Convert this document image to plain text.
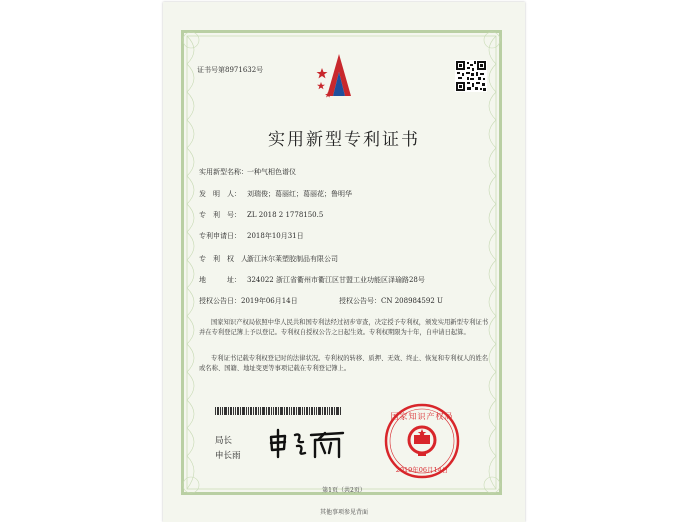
证书号第8971632号
实用新型专利证书
实用新型名称：一种气相色谱仪
发　明　人： 刘瑞俊；葛丽红；葛丽花；鲁明华
专　利　号： ZL 2018 2 1778150.5
专利申请日： 2018年10月31日
专　利　权　人：浙江沐尔莱塑胶制品有限公司
地　　　址： 324022 浙江省衢州市衢江区甘盟工业功能区泽瑜路28号
授权公告日：2019年06月14日	授权公告号：CN 208984592 U
国家知识产权局依照中华人民共和国专利法经过初步审查，决定授予专利权，颁发实用新型专利证书并在专利登记簿上予以登记。专利权自授权公告之日起生效。专利权期限为十年，自申请日起算。
专利证书记载专利权登记时的法律状况。专利权的转移、质押、无效、终止、恢复和专利权人的姓名或名称、国籍、地址变更等事项记载在专利登记簿上。
局长
申长雨
国家知识产权局
2019年06月14日
第1页（共2页）
其他事项参见背面
